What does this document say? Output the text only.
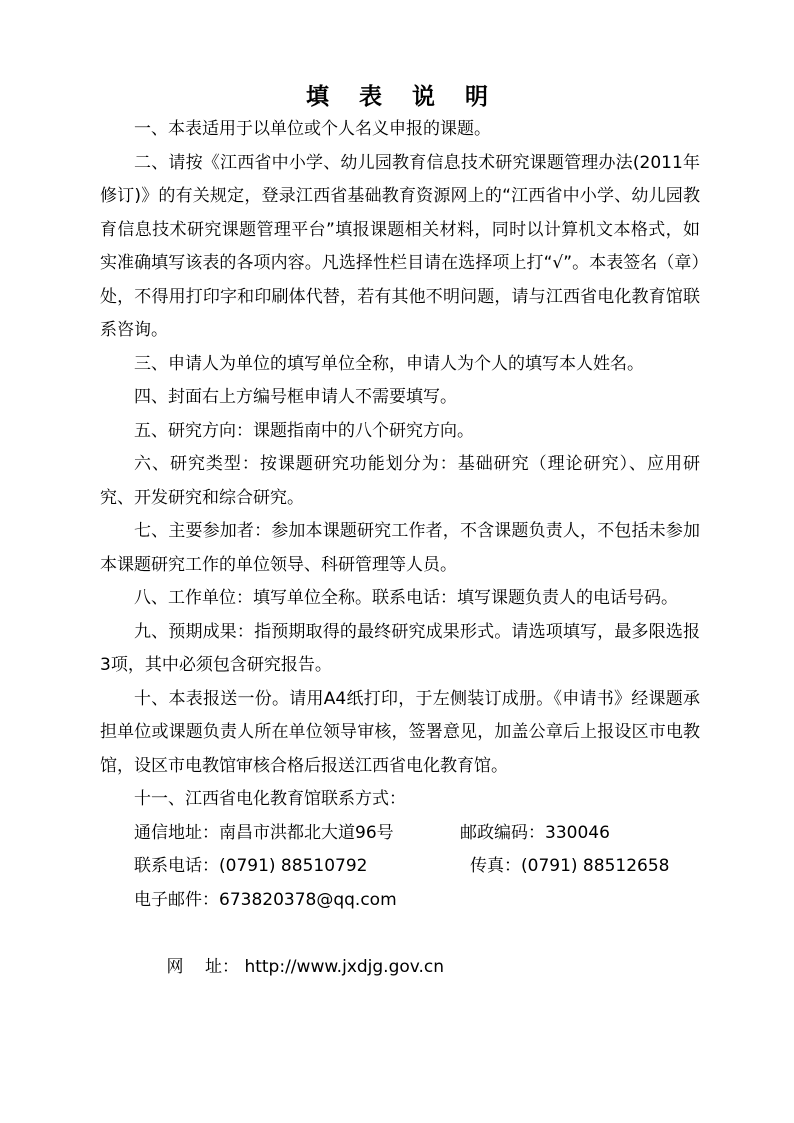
填表说明

一、本表适用于以单位或个人名义申报的课题。

二、请按《江西省中小学、幼儿园教育信息技术研究课题管理办法(2011年修订)》的有关规定，登录江西省基础教育资源网上的“江西省中小学、幼儿园教育信息技术研究课题管理平台”填报课题相关材料，同时以计算机文本格式，如实准确填写该表的各项内容。凡选择性栏目请在选择项上打“√”。本表签名（章）处，不得用打印字和印刷体代替，若有其他不明问题，请与江西省电化教育馆联系咨询。

三、申请人为单位的填写单位全称，申请人为个人的填写本人姓名。

四、封面右上方编号框申请人不需要填写。

五、研究方向：课题指南中的八个研究方向。

六、研究类型：按课题研究功能划分为：基础研究（理论研究）、应用研究、开发研究和综合研究。

七、主要参加者：参加本课题研究工作者，不含课题负责人，不包括未参加本课题研究工作的单位领导、科研管理等人员。

八、工作单位：填写单位全称。联系电话：填写课题负责人的电话号码。

九、预期成果：指预期取得的最终研究成果形式。请选项填写，最多限选报3项，其中必须包含研究报告。

十、本表报送一份。请用A4纸打印，于左侧装订成册。《申请书》经课题承担单位或课题负责人所在单位领导审核，签署意见，加盖公章后上报设区市电教馆，设区市电教馆审核合格后报送江西省电化教育馆。

十一、江西省电化教育馆联系方式：

通信地址：南昌市洪都北大道96号	邮政编码：330046
联系电话：(0791) 88510792	传真：(0791) 88512658
电子邮件：673820378@qq.com

网    址： http://www.jxdjg.gov.cn
